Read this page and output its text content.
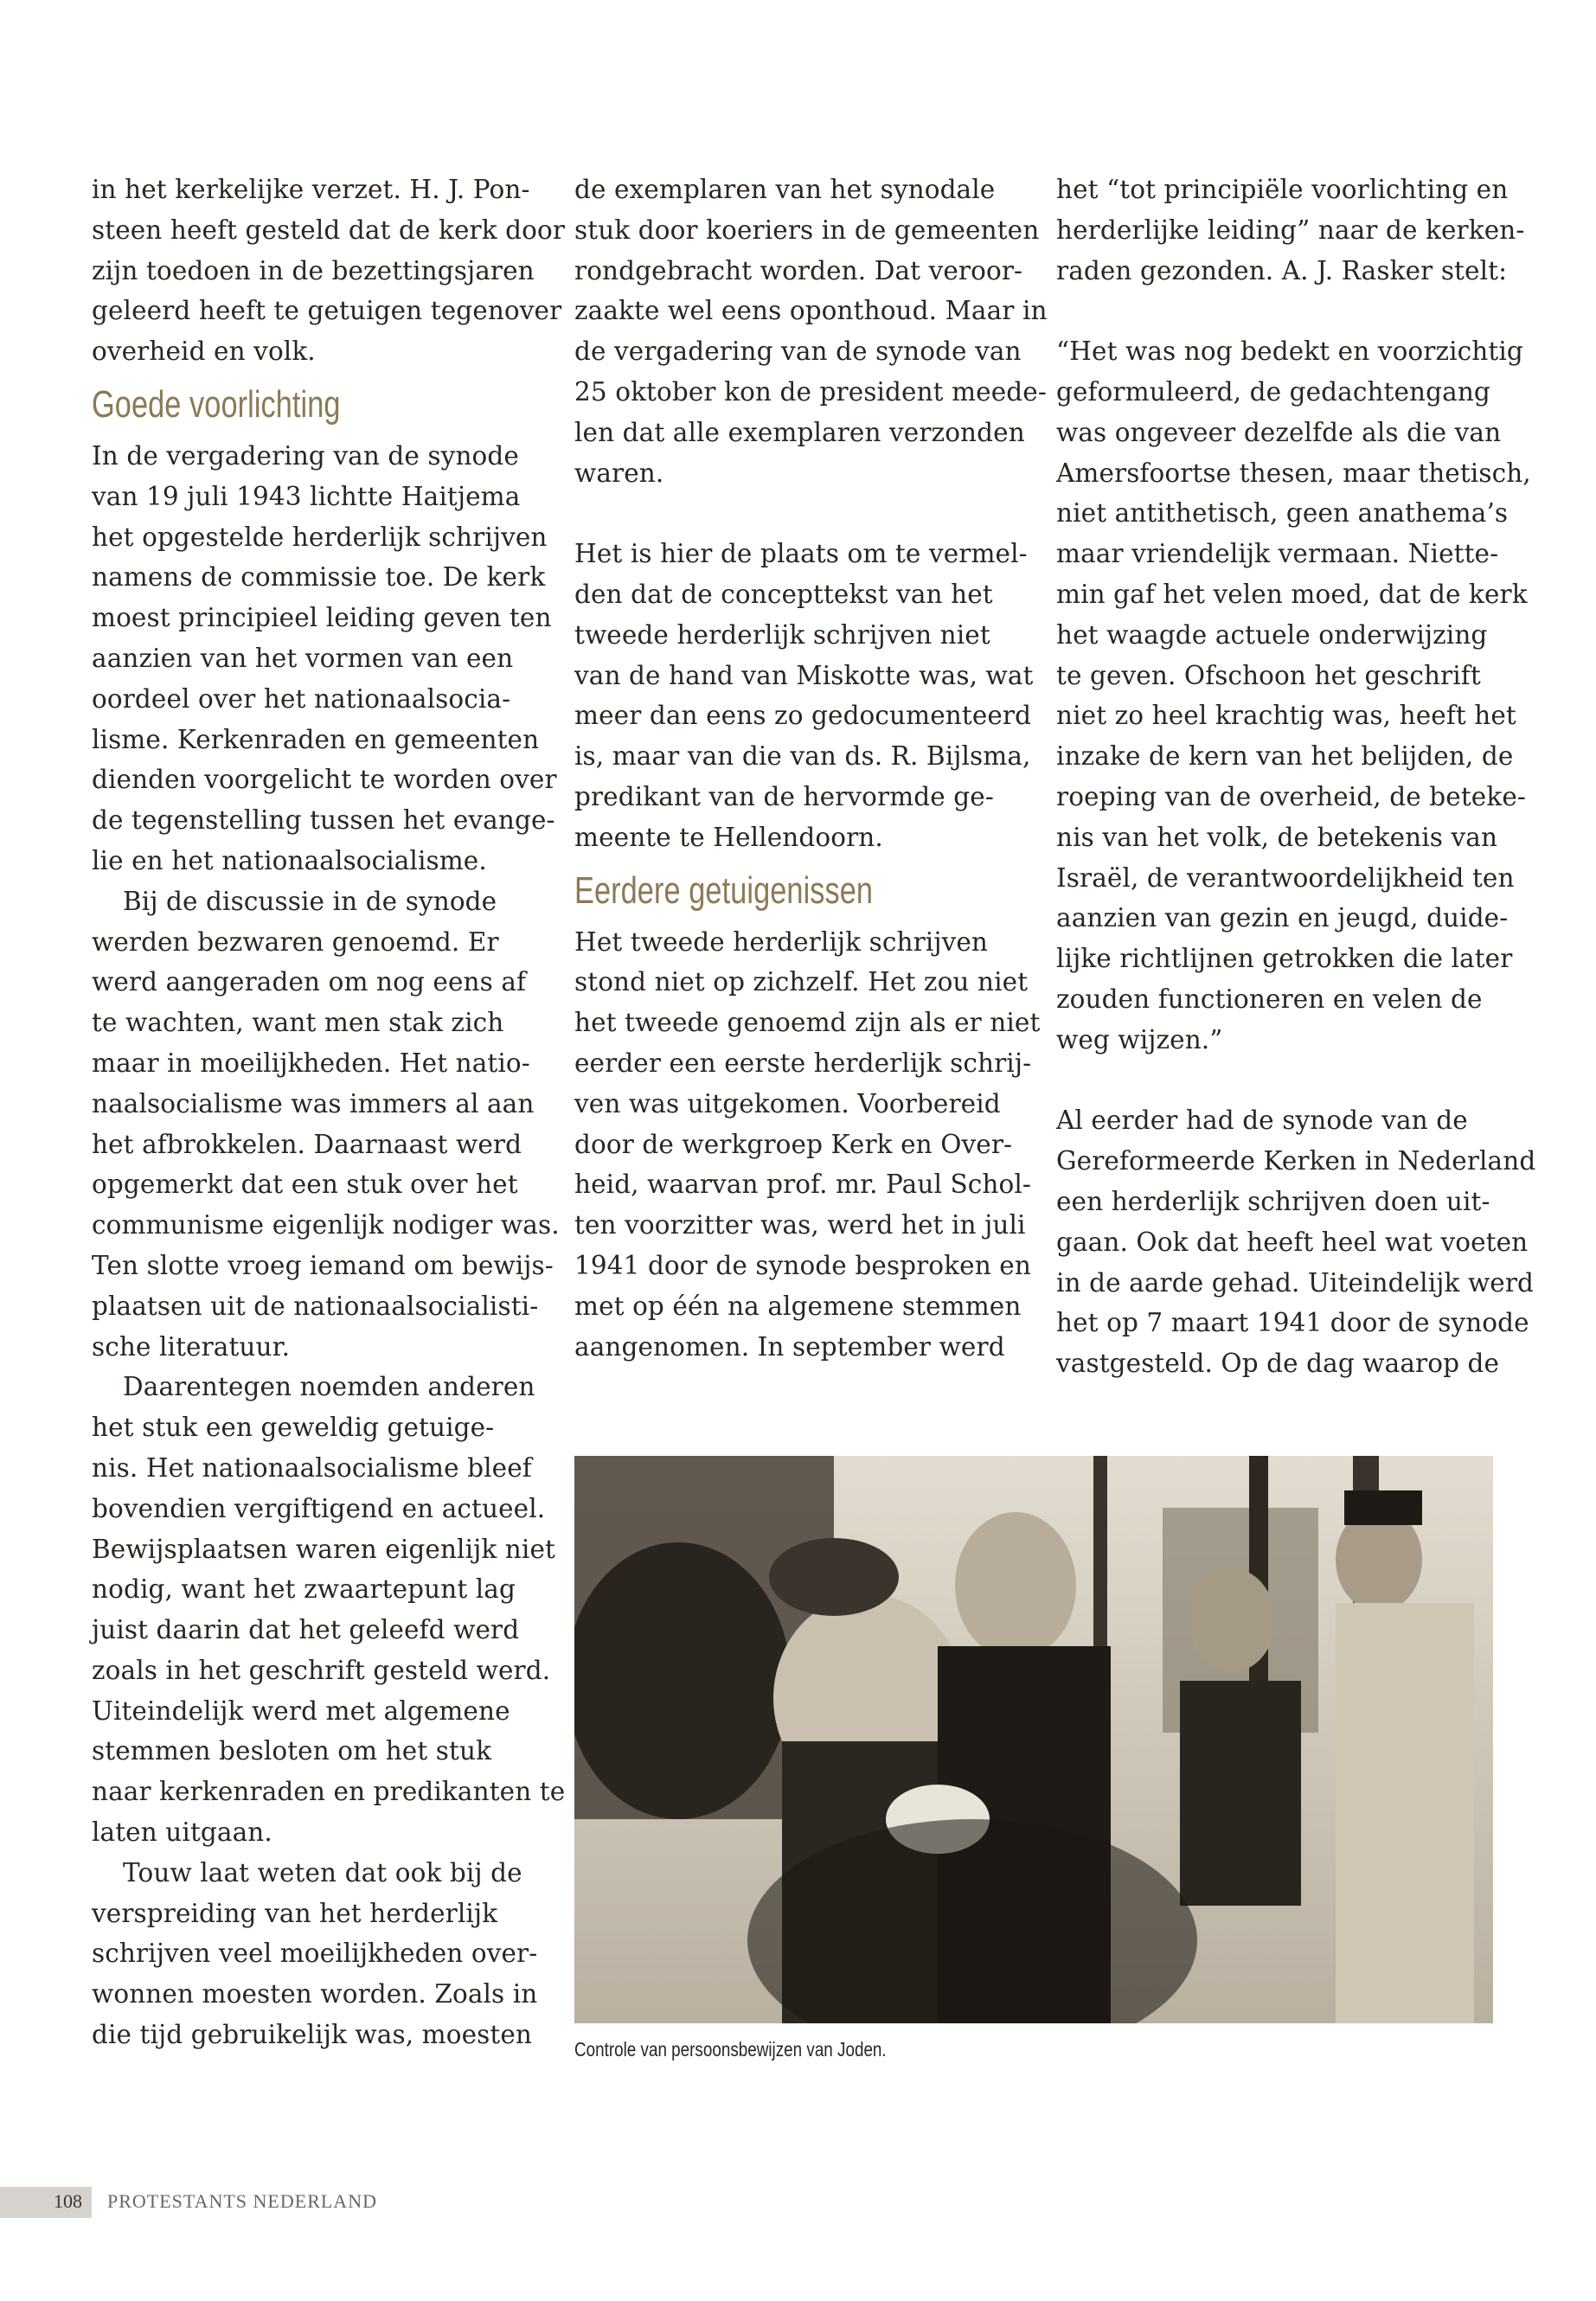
in het kerkelijke verzet. H. J. Pon-
steen heeft gesteld dat de kerk door
zijn toedoen in de bezettingsjaren
geleerd heeft te getuigen tegenover
overheid en volk.
Goede voorlichting
In de vergadering van de synode
van 19 juli 1943 lichtte Haitjema
het opgestelde herderlijk schrijven
namens de commissie toe. De kerk
moest principieel leiding geven ten
aanzien van het vormen van een
oordeel over het nationaalsocia-
lisme. Kerkenraden en gemeenten
dienden voorgelicht te worden over
de tegenstelling tussen het evange-
lie en het nationaalsocialisme.
Bij de discussie in de synode
werden bezwaren genoemd. Er
werd aangeraden om nog eens af
te wachten, want men stak zich
maar in moeilijkheden. Het natio-
naalsocialisme was immers al aan
het afbrokkelen. Daarnaast werd
opgemerkt dat een stuk over het
communisme eigenlijk nodiger was.
Ten slotte vroeg iemand om bewijs-
plaatsen uit de nationaalsocialisti-
sche literatuur.
Daarentegen noemden anderen
het stuk een geweldig getuige-
nis. Het nationaalsocialisme bleef
bovendien vergiftigend en actueel.
Bewijsplaatsen waren eigenlijk niet
nodig, want het zwaartepunt lag
juist daarin dat het geleefd werd
zoals in het geschrift gesteld werd.
Uiteindelijk werd met algemene
stemmen besloten om het stuk
naar kerkenraden en predikanten te
laten uitgaan.
Touw laat weten dat ook bij de
verspreiding van het herderlijk
schrijven veel moeilijkheden over-
wonnen moesten worden. Zoals in
die tijd gebruikelijk was, moesten
de exemplaren van het synodale
stuk door koeriers in de gemeenten
rondgebracht worden. Dat veroor-
zaakte wel eens oponthoud. Maar in
de vergadering van de synode van
25 oktober kon de president meede-
len dat alle exemplaren verzonden
waren.
Het is hier de plaats om te vermel-
den dat de concepttekst van het
tweede herderlijk schrijven niet
van de hand van Miskotte was, wat
meer dan eens zo gedocumenteerd
is, maar van die van ds. R. Bijlsma,
predikant van de hervormde ge-
meente te Hellendoorn.
Eerdere getuigenissen
Het tweede herderlijk schrijven
stond niet op zichzelf. Het zou niet
het tweede genoemd zijn als er niet
eerder een eerste herderlijk schrij-
ven was uitgekomen. Voorbereid
door de werkgroep Kerk en Over-
heid, waarvan prof. mr. Paul Schol-
ten voorzitter was, werd het in juli
1941 door de synode besproken en
met op één na algemene stemmen
aangenomen. In september werd
het “tot principiële voorlichting en
herderlijke leiding” naar de kerken-
raden gezonden. A. J. Rasker stelt:
“Het was nog bedekt en voorzichtig
geformuleerd, de gedachtengang
was ongeveer dezelfde als die van
Amersfoortse thesen, maar thetisch,
niet antithetisch, geen anathema’s
maar vriendelijk vermaan. Niette-
min gaf het velen moed, dat de kerk
het waagde actuele onderwijzing
te geven. Ofschoon het geschrift
niet zo heel krachtig was, heeft het
inzake de kern van het belijden, de
roeping van de overheid, de beteke-
nis van het volk, de betekenis van
Israël, de verantwoordelijkheid ten
aanzien van gezin en jeugd, duide-
lijke richtlijnen getrokken die later
zouden functioneren en velen de
weg wijzen.”
Al eerder had de synode van de
Gereformeerde Kerken in Nederland
een herderlijk schrijven doen uit-
gaan. Ook dat heeft heel wat voeten
in de aarde gehad. Uiteindelijk werd
het op 7 maart 1941 door de synode
vastgesteld. Op de dag waarop de
Controle van persoonsbewijzen van Joden.
108 PROTESTANTS NEDERLAND
